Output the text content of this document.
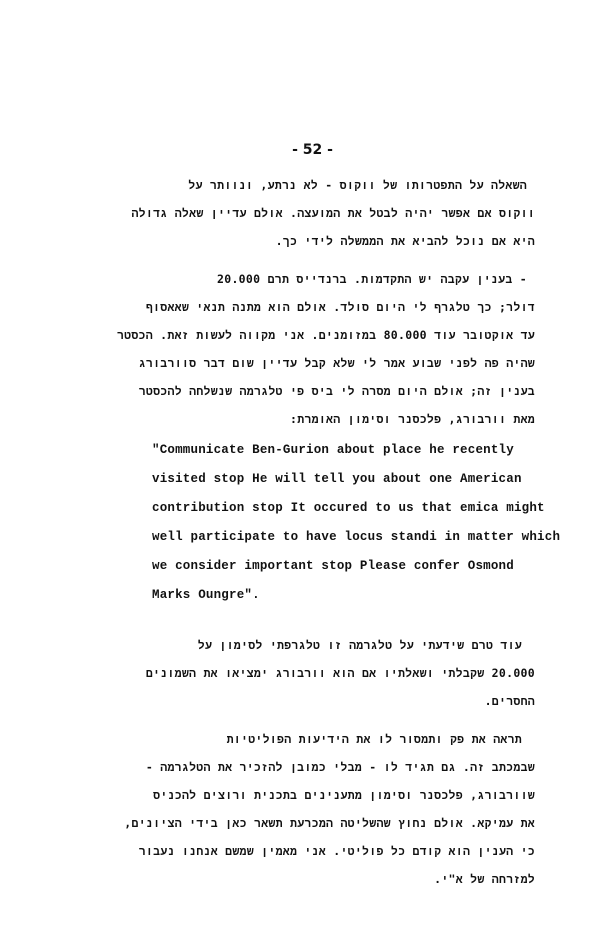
- 52 -
השאלה על התפטרותו של ווקוס - לא נרתע, ונוותר על
ווקוס אם אפשר יהיה לבטל את המועצה. אולם עדיין שאלה גדולה
היא אם נוכל להביא את הממשלה לידי כך.
- בענין עקבה יש התקדמות. ברנדייס תרם 20.000
דולר; כך טלגרף לי היום סולד. אולם הוא מתנה תנאי שאאסוף
עד אוקטובר עוד 80.000 במזומנים. אני מקווה לעשות זאת. הכסטר
שהיה פה לפני שבוע אמר לי שלא קבל עדיין שום דבר סוורבורג
בענין זה; אולם היום מסרה לי ביס פי טלגרמה שנשלחה להכסטר
מאת וורבורג, פלכסנר וסימון האומרת:
"Communicate Ben-Gurion about place he recently
visited stop He will tell you about one American
contribution stop It occured to us that emica might
well participate to have locus standi in matter which
we consider important stop Please confer Osmond
Marks Oungre".
עוד טרם שידעתי על טלגרמה זו טלגרפתי לסימון על
20.000 שקבלתי ושאלתיו אם הוא וורבורג ימציאו את השמונים
החסרים.
תראה את פק ותמסור לו את הידיעות הפוליטיות
שבמכתב זה. גם תגיד לו - מבלי כמובן להזכיר את הטלגרמה -
שוורבורג, פלכסנר וסימון מתענינים בתכנית ורוצים להכניס
את עמיקא. אולם נחוץ שהשליטה המכרעת תשאר כאן בידי הציונים,
כי הענין הוא קודם כל פוליטי. אני מאמין שמשם אנחנו נעבור
למזרחה של א"י.
